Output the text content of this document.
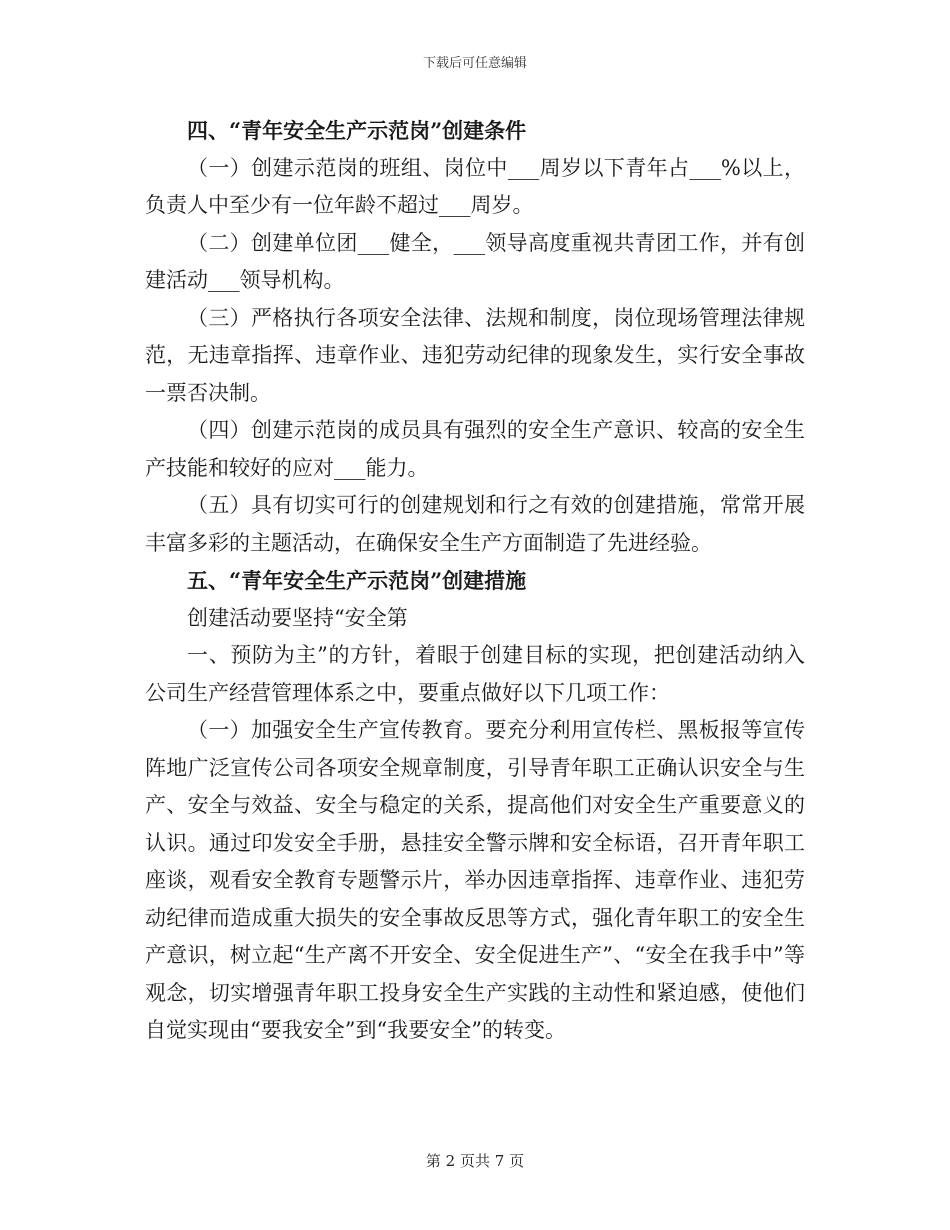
下载后可任意编辑

四、“青年安全生产示范岗”创建条件

（一）创建示范岗的班组、岗位中___周岁以下青年占___%以上，负责人中至少有一位年龄不超过___周岁。

（二）创建单位团___健全，___领导高度重视共青团工作，并有创建活动___领导机构。

（三）严格执行各项安全法律、法规和制度，岗位现场管理法律规范，无违章指挥、违章作业、违犯劳动纪律的现象发生，实行安全事故一票否决制。

（四）创建示范岗的成员具有强烈的安全生产意识、较高的安全生产技能和较好的应对___能力。

（五）具有切实可行的创建规划和行之有效的创建措施，常常开展丰富多彩的主题活动，在确保安全生产方面制造了先进经验。

五、“青年安全生产示范岗”创建措施

创建活动要坚持“安全第

一、预防为主”的方针，着眼于创建目标的实现，把创建活动纳入公司生产经营管理体系之中，要重点做好以下几项工作：

（一）加强安全生产宣传教育。要充分利用宣传栏、黑板报等宣传阵地广泛宣传公司各项安全规章制度，引导青年职工正确认识安全与生产、安全与效益、安全与稳定的关系，提高他们对安全生产重要意义的认识。通过印发安全手册，悬挂安全警示牌和安全标语，召开青年职工座谈，观看安全教育专题警示片，举办因违章指挥、违章作业、违犯劳动纪律而造成重大损失的安全事故反思等方式，强化青年职工的安全生产意识，树立起“生产离不开安全、安全促进生产”、“安全在我手中”等观念，切实增强青年职工投身安全生产实践的主动性和紧迫感，使他们自觉实现由“要我安全”到“我要安全”的转变。

第 2 页共 7 页
